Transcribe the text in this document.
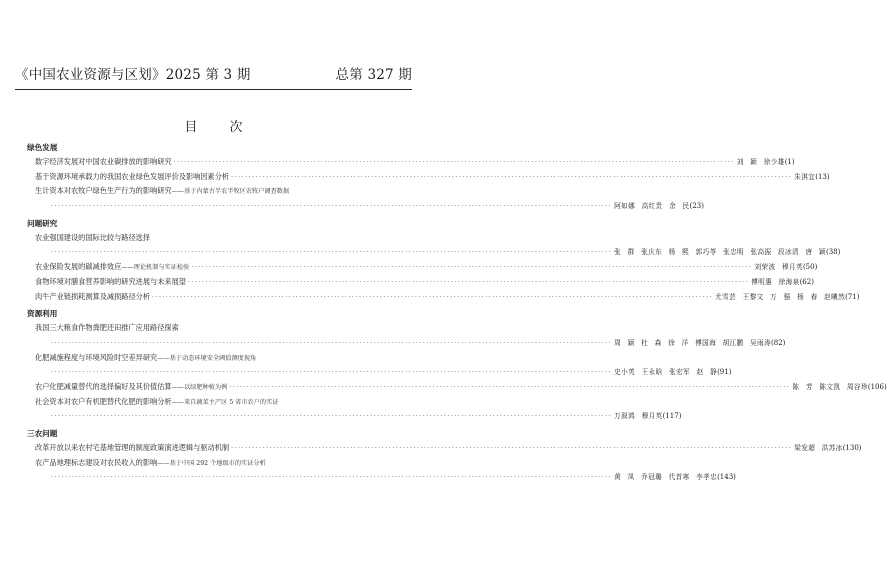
《中国农业资源与区划》2025 第 3 期	总第 327 期
目 次
绿色发展
数字经济发展对中国农业碳排放的影响研究 ································································································································································ 刘 颖 徐少雄 (1)
基于资源环境承载力的我国农业绿色发展评价及影响因素分析 ································································································································································ 朱淇宜 (13)
生计资本对农牧户绿色生产行为的影响研究 ——基于内蒙古半农半牧区农牧户调查数据
································································································································································ 阿如娜 高红贵 余 民 (23)
问题研究
农业强国建设的国际比较与路径选择
································································································································································ 张 群 张庆东 杨 熙 郭巧苓 张忠明 张高振 段冰清 唐 颖 (38)
农业保险发展的碳减排效应 ——理论机制与实证检验 ································································································································································ 刘荣波 穆月英 (50)
食物环境对膳食营养影响的研究进展与未来展望 ································································································································································ 傅明惠 徐海泉 (62)
肉牛产业链损耗测算及减损路径分析 ································································································································································ 尤雪芸 王黎文 万 强 杨 春 赵曦然 (71)
资源利用
我国三大粮食作物粪肥还田推广应用路径探索
································································································································································ 周 颖 杜 森 徐 洋 傅国海 胡江鹏 吴雨涛 (82)
化肥减施程度与环境风险时空差异研究 ——基于动态环境安全阈值测度视角
································································································································································ 史小英 王永晗 张宏军 赵 静 (91)
农户化肥减量替代的选择偏好及其价值估算 ——以绿肥种植为例 ································································································································································ 陈 芳 陈文凯 周谷珍 (106)
社会资本对农户有机肥替代化肥的影响分析 ——来自蔬菜主产区 5 省市农户的实证
································································································································································ 万叙鸿 穆月英 (117)
三农问题
改革开放以来农村宅基地管理的制度政策演进逻辑与驱动机制 ································································································································································ 梁发超 洪苏冰 (130)
农产品地理标志建设对农民收入的影响 ——基于中国 292 个地级市的实证分析
································································································································································ 黄 凤 乔冠璐 代首寒 李孝忠 (143)
